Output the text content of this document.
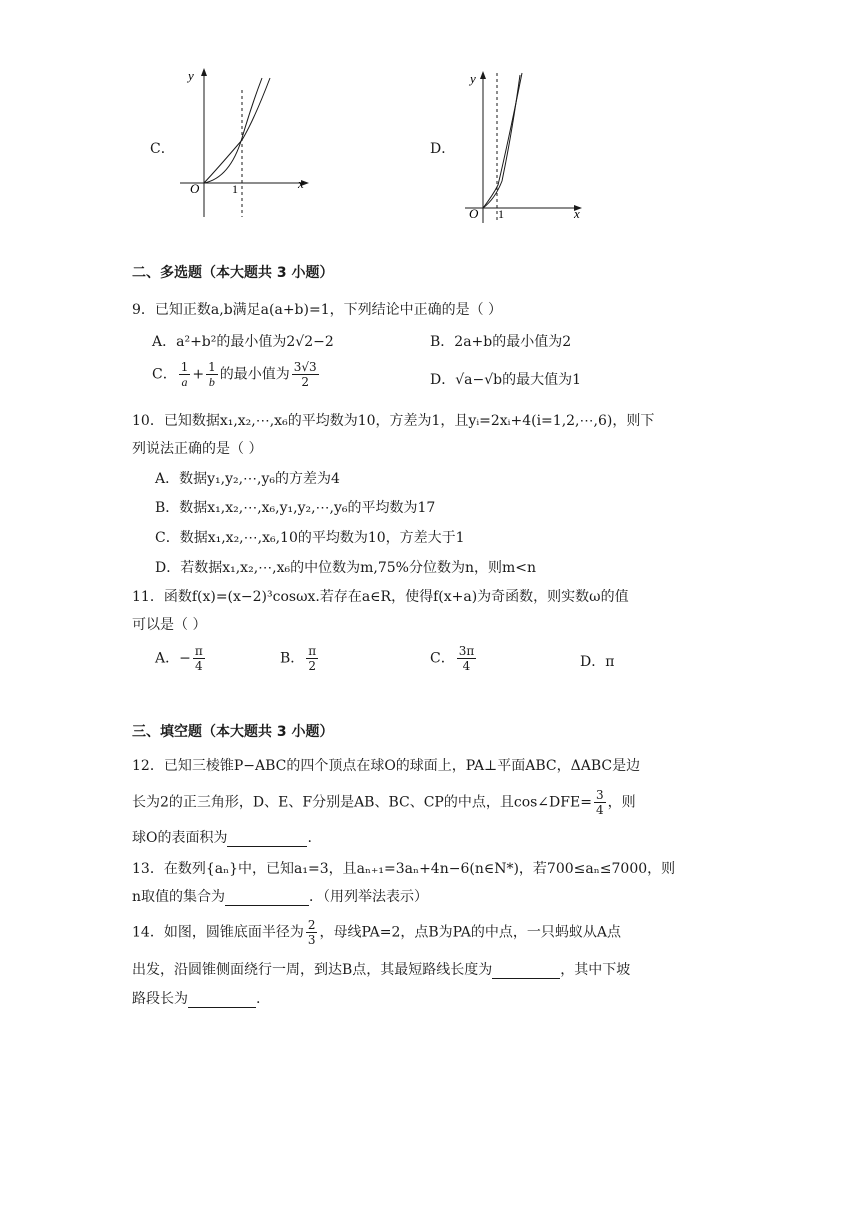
C．
y
x
O	1
D．
y
x
O 1
二、多选题（本大题共 3 小题）
9．已知正数a,b满足a(a+b)=1，下列结论中正确的是（ ）
A．a²+b²的最小值为2√2−2	B．2a+b的最小值为2
C． $\frac{1}{a} + \frac{1}{b}$ 的最小值为 $\frac{3√3}{2}$	D．√a−√b的最大值为1
10．已知数据x₁,x₂,⋯,x₆的平均数为10，方差为1，且yᵢ=2xᵢ+4(i=1,2,⋯,6)，则下
列说法正确的是（ ）
A．数据y₁,y₂,⋯,y₆的方差为4
B．数据x₁,x₂,⋯,x₆,y₁,y₂,⋯,y₆的平均数为17
C．数据x₁,x₂,⋯,x₆,10的平均数为10，方差大于1
D．若数据x₁,x₂,⋯,x₆的中位数为m,75%分位数为n，则m<n
11．函数f(x)=(x−2)³cosωx.若存在a∈R，使得f(x+a)为奇函数，则实数ω的值
可以是（ ）
A．− $\frac{\pi}{4}$	B． $\frac{\pi}{2}$	C． $\frac{3\pi}{4}$	D．π
三、填空题（本大题共 3 小题）
12．已知三棱锥P−ABC的四个顶点在球O的球面上，PA⊥平面ABC，ΔABC是边
长为2的正三角形，D、E、F分别是AB、BC、CP的中点，且cos∠DFE= $\frac{3}{4}$ ，则
球O的表面积为	.
13．在数列{aₙ}中，已知a₁=3，且aₙ₊₁=3aₙ+4n−6(n∈N*)，若700≤aₙ≤7000，则
n取值的集合为	．（用列举法表示）
14．如图，圆锥底面半径为 $\frac{2}{3}$ ，母线PA=2，点B为PA的中点，一只蚂蚁从A点
出发，沿圆锥侧面绕行一周，到达B点，其最短路线长度为	，其中下坡
路段长为	.
